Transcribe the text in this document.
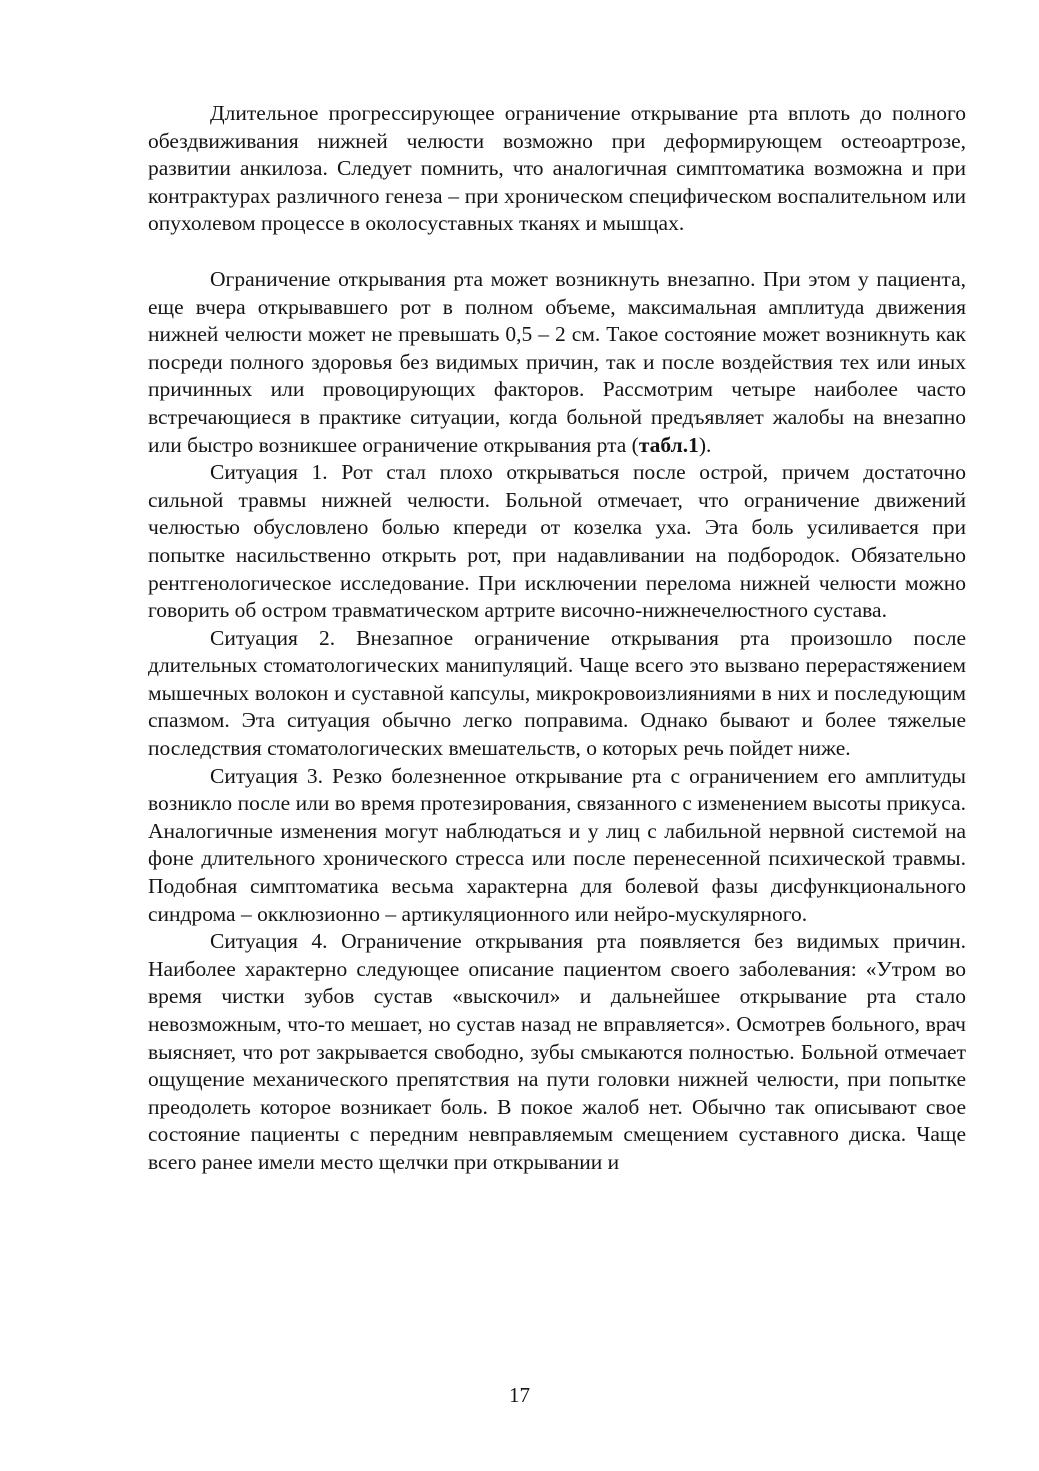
Длительное прогрессирующее ограничение открывание рта вплоть до полного обездвиживания нижней челюсти возможно при деформирующем остеоартрозе, развитии анкилоза. Следует помнить, что аналогичная симптоматика возможна и при контрактурах различного генеза – при хроническом специфическом воспалительном или опухолевом процессе в околосуставных тканях и мышцах.

Ограничение открывания рта может возникнуть внезапно. При этом у пациента, еще вчера открывавшего рот в полном объеме, максимальная амплитуда движения нижней челюсти может не превышать 0,5 – 2 см. Такое состояние может возникнуть как посреди полного здоровья без видимых причин, так и после воздействия тех или иных причинных или провоцирующих факторов. Рассмотрим четыре наиболее часто встречающиеся в практике ситуации, когда больной предъявляет жалобы на внезапно или быстро возникшее ограничение открывания рта (табл.1).

Ситуация 1. Рот стал плохо открываться после острой, причем достаточно сильной травмы нижней челюсти. Больной отмечает, что ограничение движений челюстью обусловлено болью кпереди от козелка уха. Эта боль усиливается при попытке насильственно открыть рот, при надавливании на подбородок. Обязательно рентгенологическое исследование. При исключении перелома нижней челюсти можно говорить об остром травматическом артрите височно-нижнечелюстного сустава.

Ситуация 2. Внезапное ограничение открывания рта произошло после длительных стоматологических манипуляций. Чаще всего это вызвано перерастяжением мышечных волокон и суставной капсулы, микрокровоизлияниями в них и последующим спазмом. Эта ситуация обычно легко поправима. Однако бывают и более тяжелые последствия стоматологических вмешательств, о которых речь пойдет ниже.

Ситуация 3. Резко болезненное открывание рта с ограничением его амплитуды возникло после или во время протезирования, связанного с изменением высоты прикуса. Аналогичные изменения могут наблюдаться и у лиц с лабильной нервной системой на фоне длительного хронического стресса или после перенесенной психической травмы. Подобная симптоматика весьма характерна для болевой фазы дисфункционального синдрома – окклюзионно – артикуляционного или нейро-мускулярного.

Ситуация 4. Ограничение открывания рта появляется без видимых причин. Наиболее характерно следующее описание пациентом своего заболевания: «Утром во время чистки зубов сустав «выскочил» и дальнейшее открывание рта стало невозможным, что-то мешает, но сустав назад не вправляется». Осмотрев больного, врач выясняет, что рот закрывается свободно, зубы смыкаются полностью. Больной отмечает ощущение механического препятствия на пути головки нижней челюсти, при попытке преодолеть которое возникает боль. В покое жалоб нет. Обычно так описывают свое состояние пациенты с передним невправляемым смещением суставного диска. Чаще всего ранее имели место щелчки при открывании и

17
